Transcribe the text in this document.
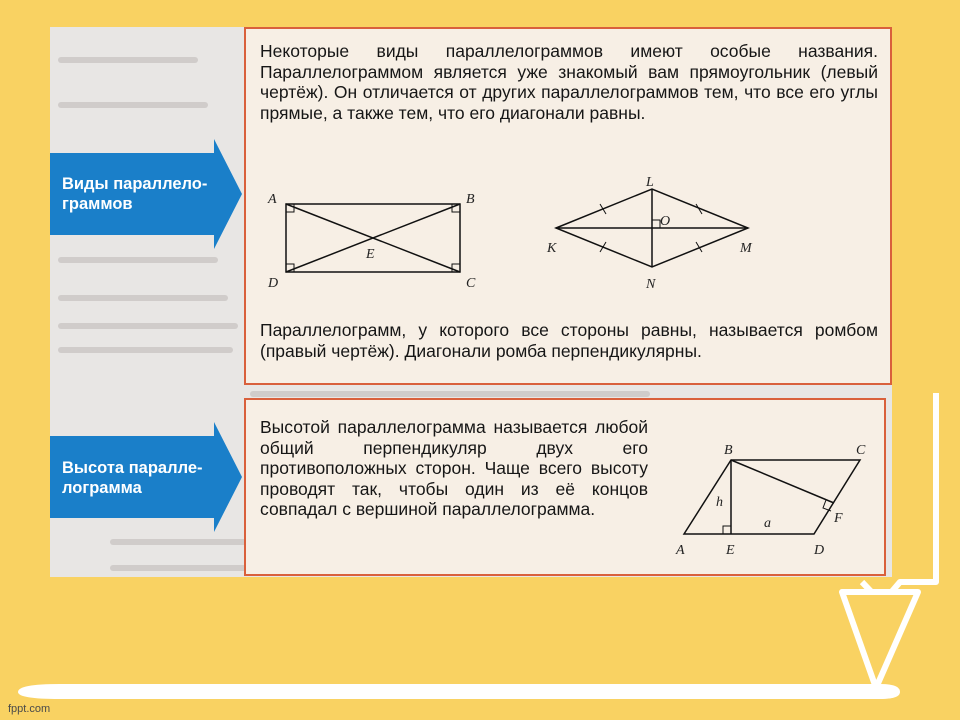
Виды параллело-
граммов
Высота паралле-
лограмма

Некоторые виды параллелограммов имеют особые названия. Параллелограммом является уже знакомый вам прямоугольник (левый чертёж). Он отличается от других параллелограммов тем, что все его углы прямые, а также тем, что его диагонали равны.

A	B
D	C
E
L
O
K	M
N

Параллелограмм, у которого все стороны равны, называется ромбом (правый чертёж). Диагонали ромба перпендикулярны.

Высотой параллелограмма называется любой общий перпендикуляр двух его противоположных сторон. Чаще всего высоту проводят так, чтобы один из её концов совпадал с вершиной параллелограмма.

B	C
A	E	D
F
h
a
fppt.com
